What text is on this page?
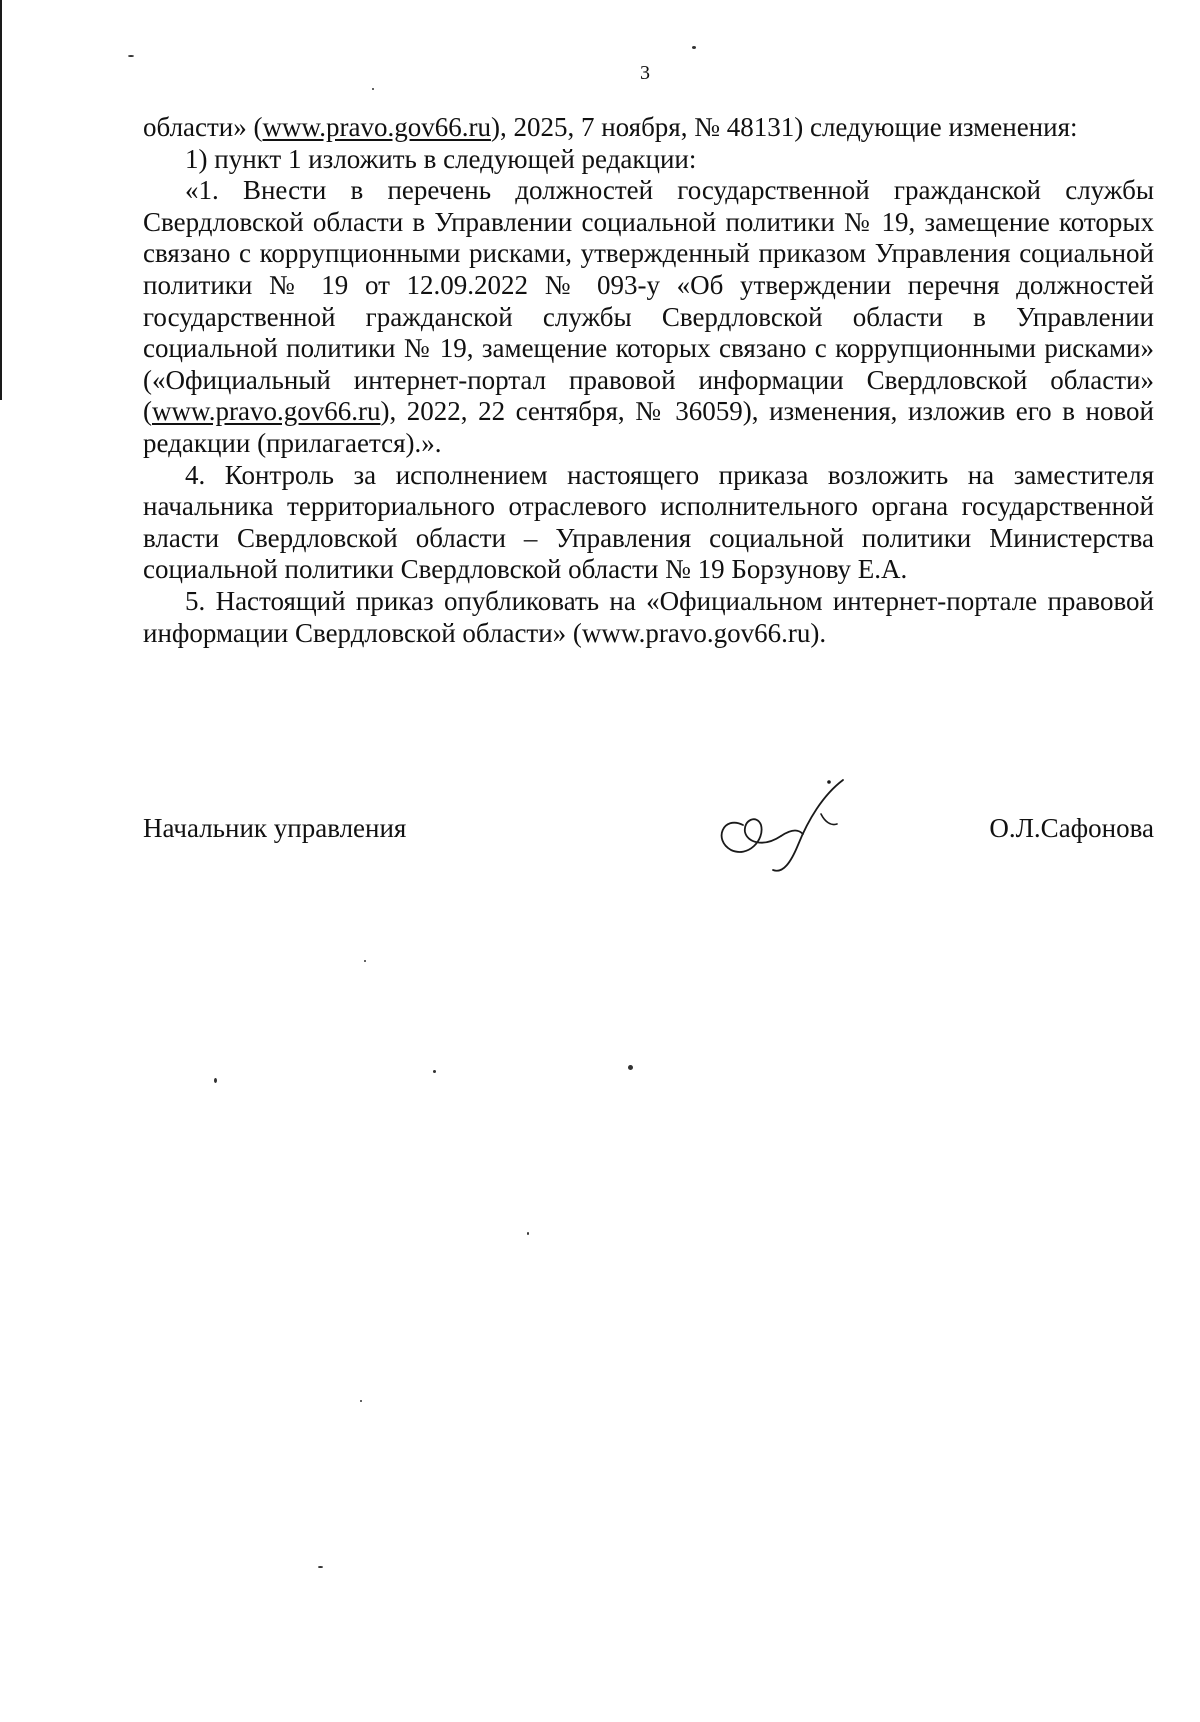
3

области» (www.pravo.gov66.ru), 2025, 7 ноября, № 48131) следующие изменения:

1) пункт 1 изложить в следующей редакции:

«1. Внести в перечень должностей государственной гражданской службы Свердловской области в Управлении социальной политики № 19, замещение которых связано с коррупционными рисками, утвержденный приказом Управления социальной политики № 19 от 12.09.2022 № 093-у «Об утверждении перечня должностей государственной гражданской службы Свердловской области в Управлении социальной политики № 19, замещение которых связано с коррупционными рисками» («Официальный интернет-портал правовой информации Свердловской области» (www.pravo.gov66.ru), 2022, 22 сентября, № 36059), изменения, изложив его в новой редакции (прилагается).».

4. Контроль за исполнением настоящего приказа возложить на заместителя начальника территориального отраслевого исполнительного органа государственной власти Свердловской области – Управления социальной политики Министерства социальной политики Свердловской области № 19 Борзунову Е.А.

5. Настоящий приказ опубликовать на «Официальном интернет-портале правовой информации Свердловской области» (www.pravo.gov66.ru).

Начальник управления	О.Л.Сафонова
